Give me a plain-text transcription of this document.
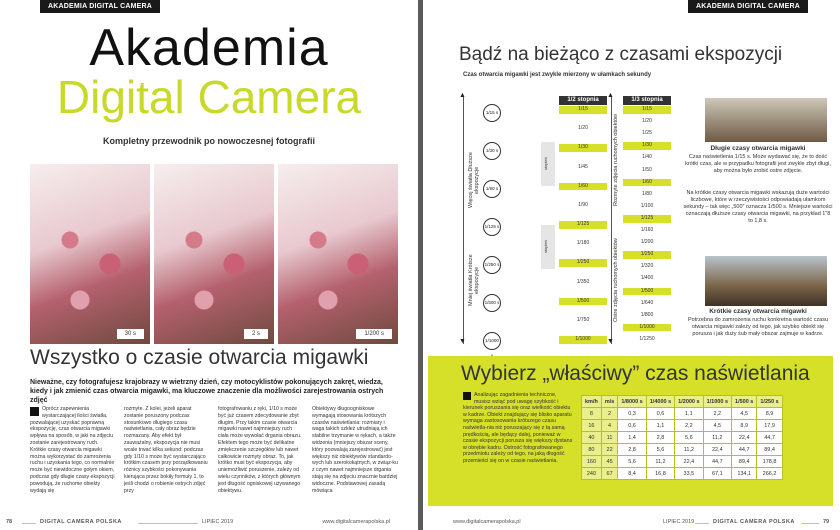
AKADEMIA DIGITAL CAMERA
Akademia
Digital Camera
Kompletny przewodnik po nowoczesnej fotografii
30 s	2 s	1/200 s
Wszystko o czasie otwarcia migawki
Nieważne, czy fotografujesz krajobrazy w wietrzny dzień, czy motocyklistów pokonujących zakręt, wiedza, kiedy i jak zmienić czas otwarcia migawki, ma kluczowe znaczenie dla możliwości zarejestrowania ostrych zdjęć
Oprócz zapewnienia wystarczającej ilości światła, pozwalającej uzyskać poprawną ekspozycję, czas otwarcia migawki wpływa na sposób, w jaki na zdjęciu zostanie zarejestrowany ruch. Krótkie czasy otwarcia migawki można wykorzystać do zamrożenia ruchu i uzyskania tego, co normalnie może być niewidoczne gołym okiem, podczas gdy długie czasy ekspozycji powodują, że ruchome obiekty wydają się
rozmyte. Z kolei, jeżeli aparat zostanie poruszony podczas stosunkowo długiego czasu naświetlania, cały obraz będzie rozmazany. Aby efekt był zauważalny, ekspozycja nie musi wcale trwać kilka sekund: podczas gdy 1/10 s może być wystarczająco krótkim czasem przy porządkowaniu różnicy szybkości pokonywania kierująca przez bokiły formuły 1, to jeśli chodzi o robienie ostrych zdjęć przy
fotografowaniu z ręki, 1/10 s może być już czasem zdecydowanie zbyt długim. Przy takim czasie otwarcia migawki nawet najmniejszy ruch ciała może wywołać drgania obrazu. Efektem tego może być delikatne zmiękczenie szczegółów lub nawet całkowicie rozmyty obraz. To, jak krótko musi być ekspozycja, aby uniemożliwić poruszenie, zależy od wielu czynników, z których głównym jest długość ogniskowej używanego obiektywu.
Obiektywy długoogniskowe wymagają stosowania krótszych czasów naświetlania: rozmiary i waga takich szkłeż utrudniają ich stabilne trzymanie w rękach, a także widzenia (mniejszy obszar sceny, który pozwalają zarejestrować) jest większy niż obiektywów standardo-wych lub szerokokątnych, w związ-ku z czym nawet najmniejsze drgania stają się na zdjęciu znacznie bardziej widoczne. Podstawowej zasadą mówiąca
78	DIGITAL CAMERA POLSKA	LIPIEC 2019	www.digitalcamerapolska.pl
AKADEMIA DIGITAL CAMERA
Bądź na bieżąco z czasami ekspozycji
Czas otwarcia migawki jest zwykle mierzony w ułamkach sekundy
▲
▼
Więcej światła Dłuższe ekspozycje
Mniej światła Krótsze ekspozycje
1/15 s
1/30 s
1/60 s
1/125 s
1/250 s
1/500 s
1/1000
1/2 stopnia	1/3 stopnia
stopień
stopień
1/15
1/20
1/30
1/45
1/60
1/90
1/125
1/180
1/250
1/350
1/500
1/750
1/1000
1/15
1/20
1/25
1/30
1/40
1/50
1/60
1/80
1/100
1/125
1/160
1/200
1/250
1/320
1/400
1/500
1/640
1/800
1/1000
1/1250
▲
▼
Rozmyte zdjęcia ruchomych obiektów
Ostre zdjęcia ruchomych obiektów
Długie czasy otwarcia migawki
Czas naświetlenia 1/15 s. Może wydawać się, że to dość krótki czas, ale w przypadku fotografii jest zwykle zbyt długi, aby można było zrobić ostre zdjęcie.
Na krótkie czasy otwarcia migawki wskazują duże wartości liczbowe, które w rzeczywistości odpowiadają ułamkom sekundy – tak więc „500” oznacza 1/500 s. Mniejsze wartości oznaczają dłuższe czasy otwarcia migawki, na przykład 1"8 to 1,8 s.
Krótkie czasy otwarcia migawki
Potrzebna do zamrożenia ruchu konkretna wartość czasu otwarcia migawki zależy od tego, jak szybko obiekt się porusza i jak duży śub mały obszar zajmuje w kadrze.
Wybierz „właściwy” czas naświetlania
Analizując zagadnienia techniczne, musisz wziąć pod uwagę szybkość i kierunek poruszania się oraz wielkość obiektu w kadrze. Obiekt znajdujący się blisko aparatu wymaga zastosowania krótszego czasu naświetla-nia niż poruszający się z tą samą prędkością, ale będący dalej, ponieważ w czasie ekspozycji porusza się większy dystans w obrębie kadru. Ostrość fotografowanego przedmiotu zależy od tego, na jaką długość przemieści się on w czasie naświetlania.
km/h	m/s	1/8000 s	1/4000 s	1/2000 s	1/1000 s	1/500 s	1/250 s
8	2	0,3	0,6	1,1	2,2	4,5	8,9
16	4	0,6	1,1	2,2	4,5	8,9	17,9
40	11	1,4	2,8	5,6	11,2	22,4	44,7
80	22	2,8	5,6	11,2	22,4	44,7	89,4
160	45	5,6	11,2	22,4	44,7	89,4	178,8
240	67	8,4	16,8	33,5	67,1	134,1	266,2
www.digitalcamerapolska.pl	LIPIEC 2019	DIGITAL CAMERA POLSKA	79
